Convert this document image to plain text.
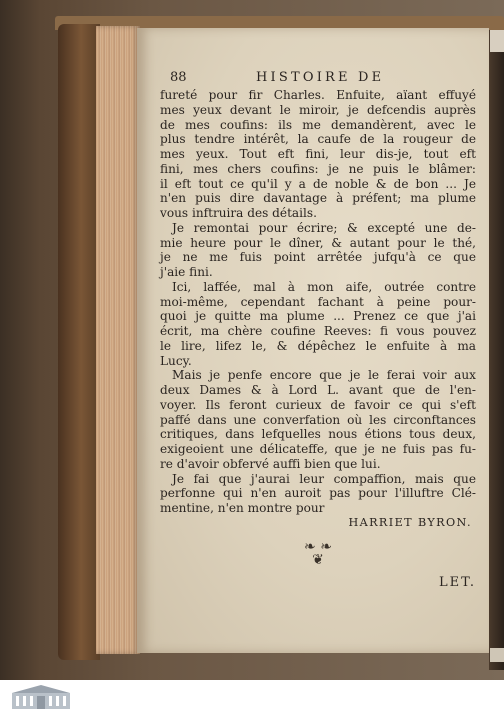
88	HISTOIRE DE
fureté pour fir Charles. Enfuite, aïant effuyé
mes yeux devant le miroir, je defcendis auprès
de mes coufins: ils me demandèrent, avec le
plus tendre intérêt, la caufe de la rougeur de
mes yeux. Tout eft fini, leur dis-je, tout eft
fini, mes chers coufins: je ne puis le blâmer:
il eft tout ce qu'il y a de noble & de bon ... Je
n'en puis dire davantage à préfent; ma plume
vous inftruira des détails.
Je remontai pour écrire; & excepté une de-
mie heure pour le dîner, & autant pour le thé,
je ne me fuis point arrêtée jufqu'à ce que
j'aie fini.
Ici, laffée, mal à mon aife, outrée contre
moi-même, cependant fachant à peine pour-
quoi je quitte ma plume ... Prenez ce que j'ai
écrit, ma chère coufine Reeves: fi vous pouvez
le lire, lifez le, & dépêchez le enfuite à ma
Lucy.
Mais je penfe encore que je le ferai voir aux
deux Dames & à Lord L. avant que de l'en-
voyer. Ils feront curieux de favoir ce qui s'eft
paffé dans une converfation où les circonftances
critiques, dans lefquelles nous étions tous deux,
exigeoient une délicateffe, que je ne fuis pas fu-
re d'avoir obfervé auffi bien que lui.
Je fai que j'aurai leur compaffion, mais que
perfonne qui n'en auroit pas pour l'illuftre Clé-
mentine, n'en montre pour
HARRIET BYRON.
❧ ❧
❦
LET.
